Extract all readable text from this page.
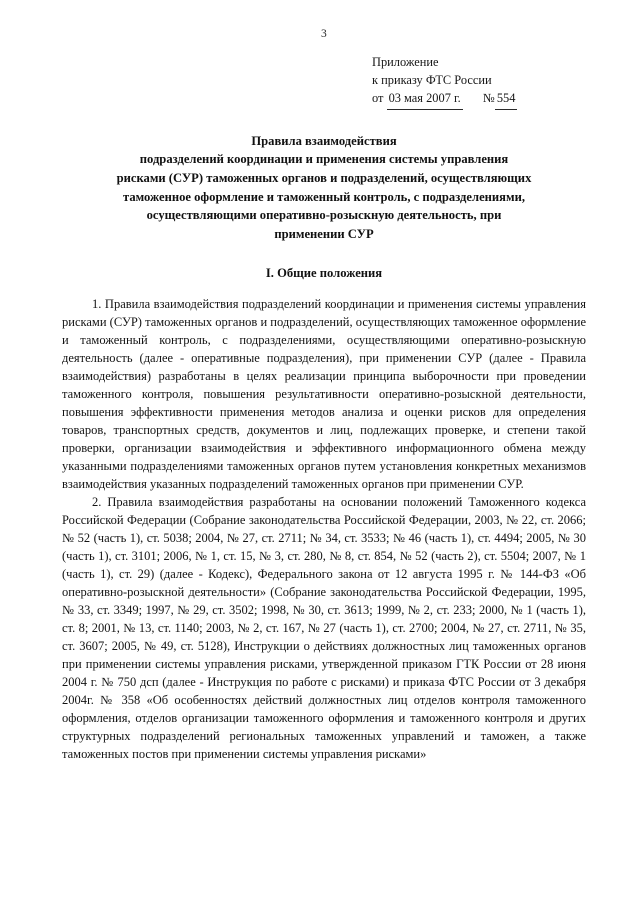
3
Приложение
к приказу ФТС России
от 03 мая 2007 г. № 554
Правила взаимодействия
подразделений координации и применения системы управления
рисками (СУР) таможенных органов и подразделений, осуществляющих
таможенное оформление и таможенный контроль, с подразделениями,
осуществляющими оперативно-розыскную деятельность, при
применении СУР
I. Общие положения

1. Правила взаимодействия подразделений координации и применения системы управления рисками (СУР) таможенных органов и подразделений, осуществляющих таможенное оформление и таможенный контроль, с подразделениями, осуществляющими оперативно-розыскную деятельность (далее - оперативные подразделения), при применении СУР (далее - Правила взаимодействия) разработаны в целях реализации принципа выборочности при проведении таможенного контроля, повышения результативности оперативно-розыскной деятельности, повышения эффективности применения методов анализа и оценки рисков для определения товаров, транспортных средств, документов и лиц, подлежащих проверке, и степени такой проверки, организации взаимодействия и эффективного информационного обмена между указанными подразделениями таможенных органов путем установления конкретных механизмов взаимодействия указанных подразделений таможенных органов при применении СУР.

2. Правила взаимодействия разработаны на основании положений Таможенного кодекса Российской Федерации (Собрание законодательства Российской Федерации, 2003, № 22, ст. 2066; № 52 (часть 1), ст. 5038; 2004, № 27, ст. 2711; № 34, ст. 3533; № 46 (часть 1), ст. 4494; 2005, № 30 (часть 1), ст. 3101; 2006, № 1, ст. 15, № 3, ст. 280, № 8, ст. 854, № 52 (часть 2), ст. 5504; 2007, № 1 (часть 1), ст. 29) (далее - Кодекс), Федерального закона от 12 августа 1995 г. № 144-ФЗ «Об оперативно-розыскной деятельности» (Собрание законодательства Российской Федерации, 1995, № 33, ст. 3349; 1997, № 29, ст. 3502; 1998, № 30, ст. 3613; 1999, № 2, ст. 233; 2000, № 1 (часть 1), ст. 8; 2001, № 13, ст. 1140; 2003, № 2, ст. 167, № 27 (часть 1), ст. 2700; 2004, № 27, ст. 2711, № 35, ст. 3607; 2005, № 49, ст. 5128), Инструкции о действиях должностных лиц таможенных органов при применении системы управления рисками, утвержденной приказом ГТК России от 28 июня 2004 г. № 750 дсп (далее - Инструкция по работе с рисками) и приказа ФТС России от 3 декабря 2004г. № 358 «Об особенностях действий должностных лиц отделов контроля таможенного оформления, отделов организации таможенного оформления и таможенного контроля и других структурных подразделений региональных таможенных управлений и таможен, а также таможенных постов при применении системы управления рисками»
